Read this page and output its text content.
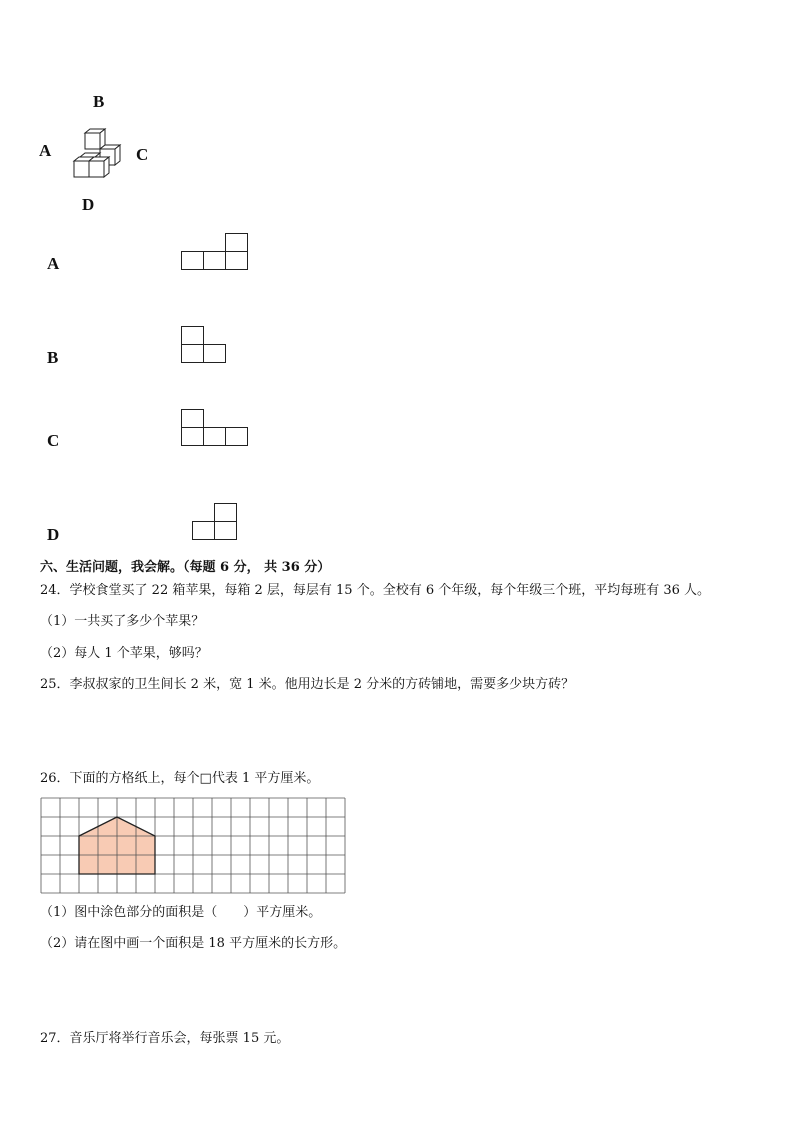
B
A	C
D
A
B
C
D
六、生活问题，我会解。（每题 6 分， 共 36 分）
24．学校食堂买了 22 箱苹果，每箱 2 层，每层有 15 个。全校有 6 个年级，每个年级三个班，平均每班有 36 人。
（1）一共买了多少个苹果？
（2）每人 1 个苹果，够吗？
25．李叔叔家的卫生间长 2 米，宽 1 米。他用边长是 2 分米的方砖铺地，需要多少块方砖？
26．下面的方格纸上，每个□代表 1 平方厘米。
（1）图中涂色部分的面积是（　　）平方厘米。
（2）请在图中画一个面积是 18 平方厘米的长方形。
27．音乐厅将举行音乐会，每张票 15 元。
